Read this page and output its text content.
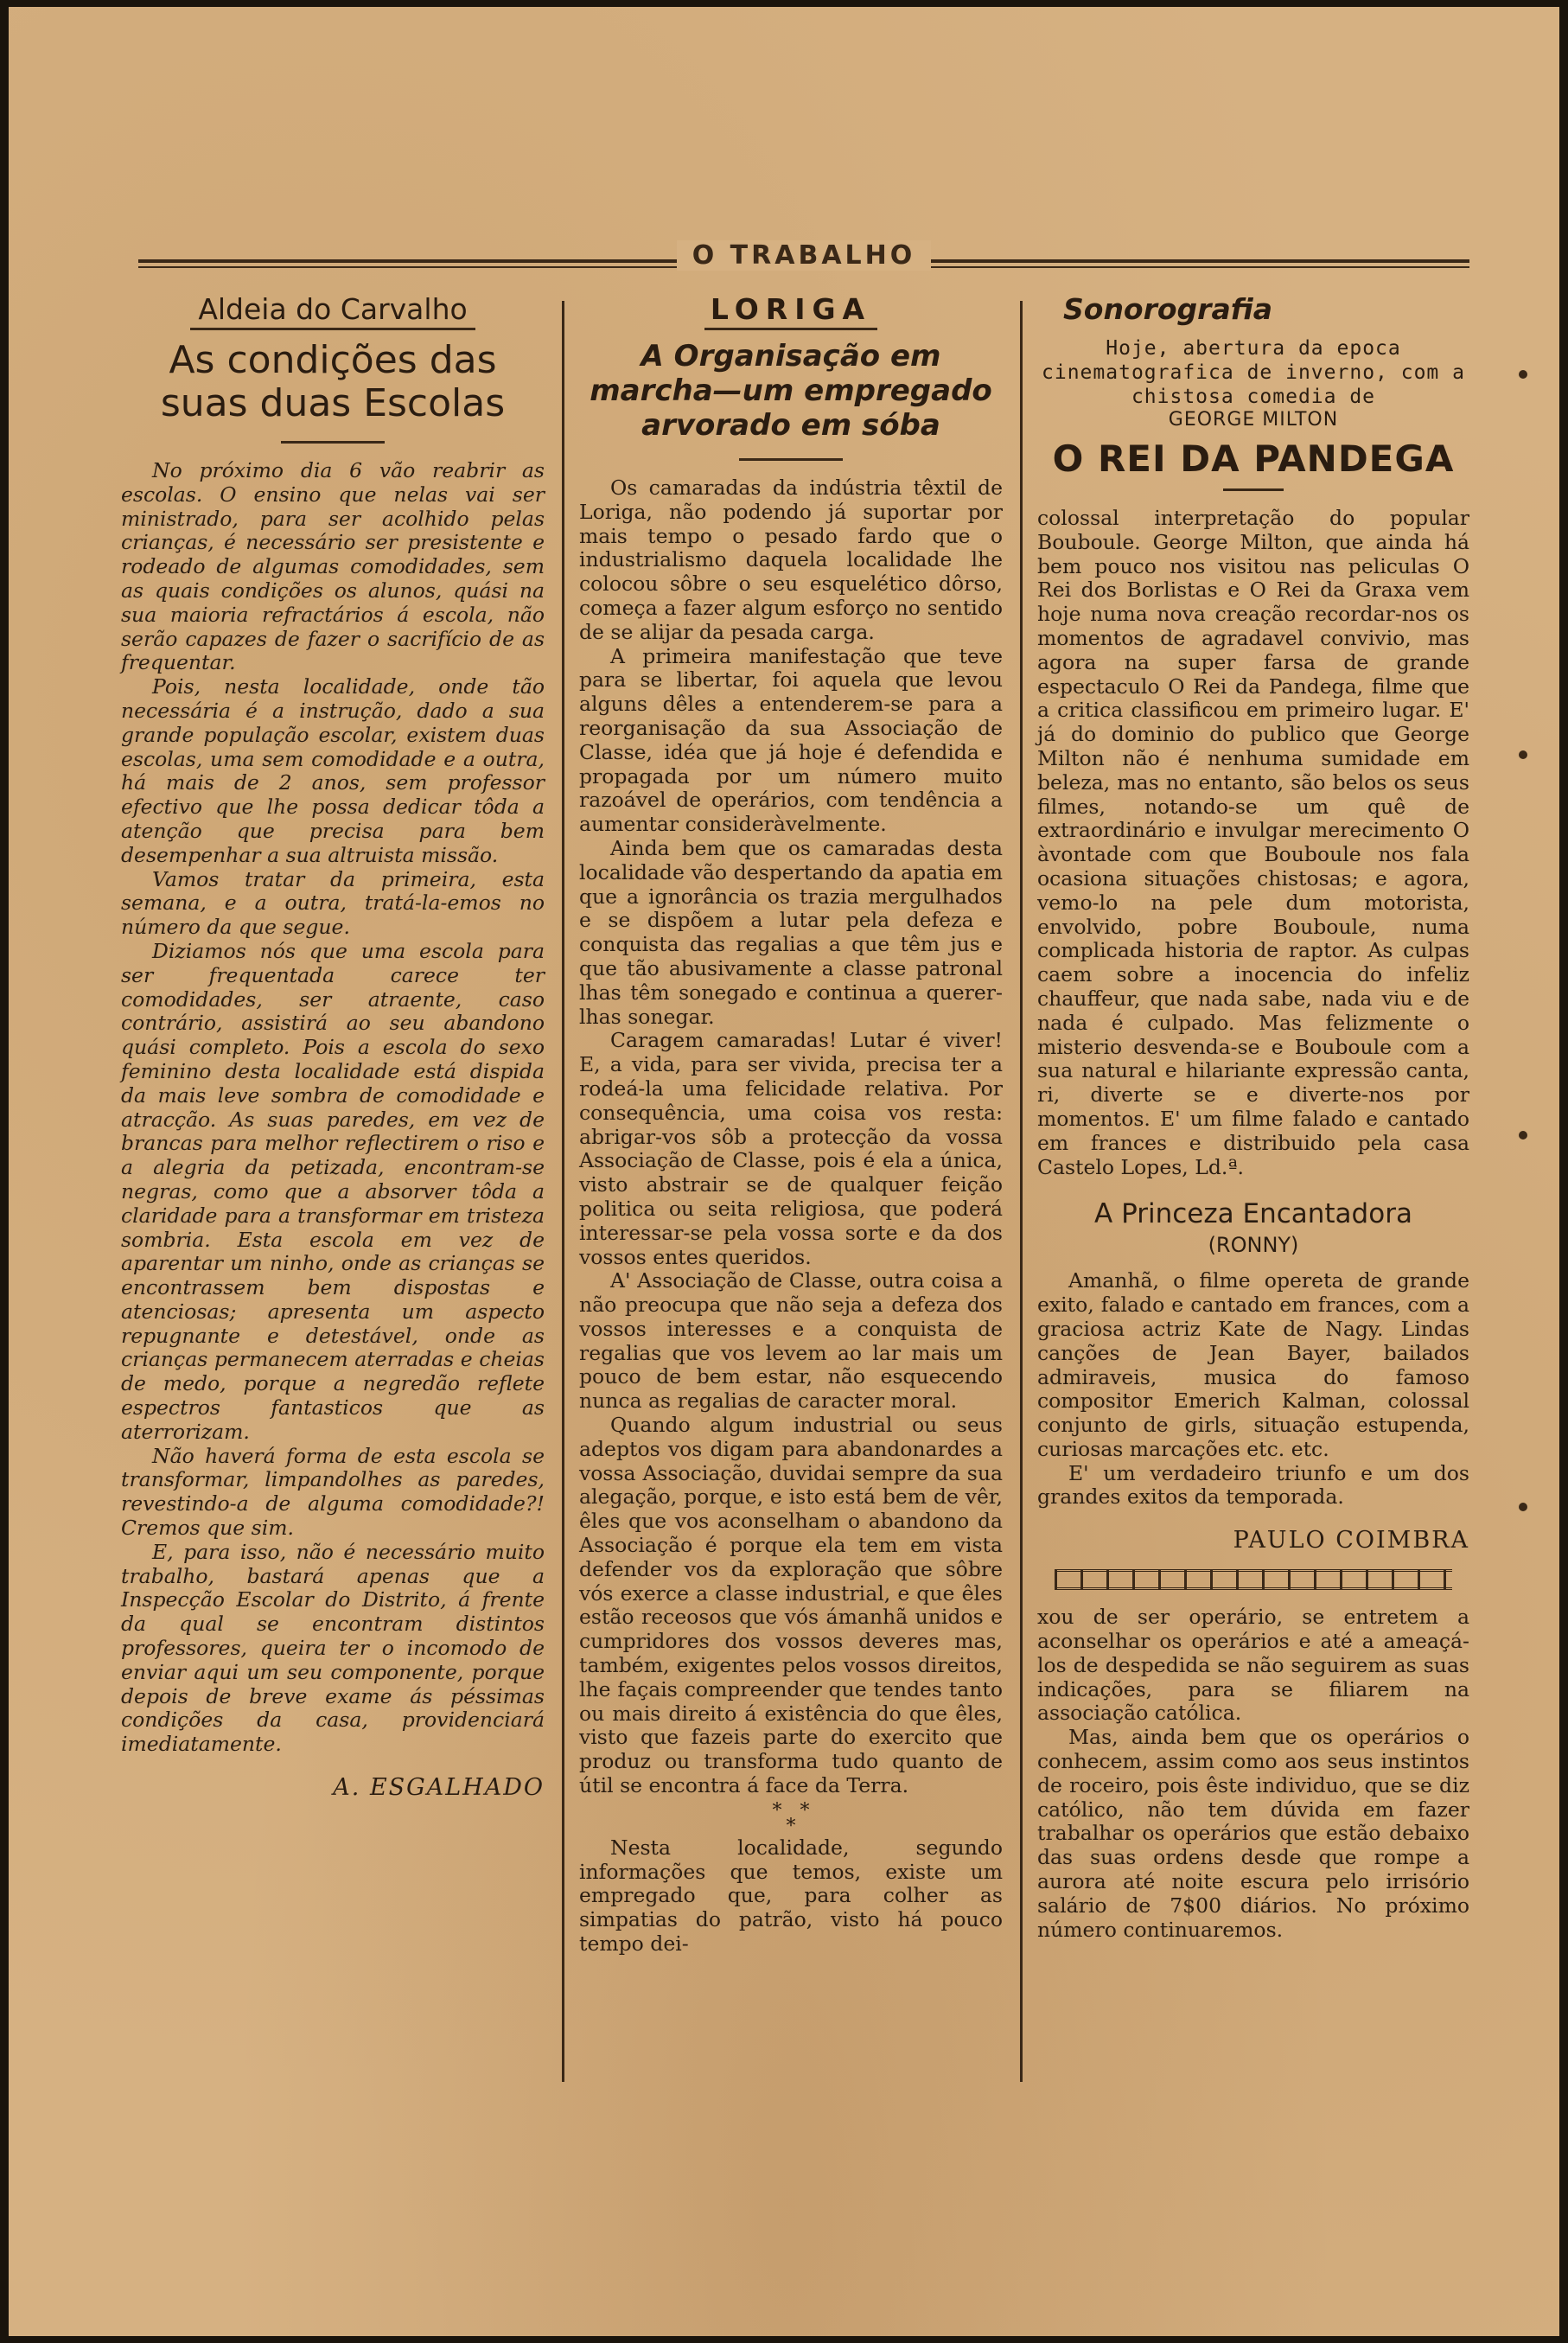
O TRABALHO
Aldeia do Carvalho
As condições das suas duas Escolas

No próximo dia 6 vão reabrir as escolas. O ensino que nelas vai ser ministrado, para ser acolhido pelas crianças, é necessário ser presistente e rodeado de algumas comodidades, sem as quais condições os alunos, quási na sua maioria refractários á escola, não serão capazes de fazer o sacrifício de as frequentar.

Pois, nesta localidade, onde tão necessária é a instrução, dado a sua grande população escolar, existem duas escolas, uma sem comodidade e a outra, há mais de 2 anos, sem professor efectivo que lhe possa dedicar tôda a atenção que precisa para bem desempenhar a sua altruista missão.

Vamos tratar da primeira, esta semana, e a outra, tratá-la-emos no número da que segue.

Diziamos nós que uma escola para ser frequentada carece ter comodidades, ser atraente, caso contrário, assistirá ao seu abandono quási completo. Pois a escola do sexo feminino desta localidade está dispida da mais leve sombra de comodidade e atracção. As suas paredes, em vez de brancas para melhor reflectirem o riso e a alegria da petizada, encontram-se negras, como que a absorver tôda a claridade para a transformar em tristeza sombria. Esta escola em vez de aparentar um ninho, onde as crianças se encontrassem bem dispostas e atenciosas; apresenta um aspecto repugnante e detestável, onde as crianças permanecem aterradas e cheias de medo, porque a negredão reflete espectros fantasticos que as aterrorizam.

Não haverá forma de esta escola se transformar, limpandolhes as paredes, revestindo-a de alguma comodidade?! Cremos que sim.

E, para isso, não é necessário muito trabalho, bastará apenas que a Inspecção Escolar do Distrito, á frente da qual se encontram distintos professores, queira ter o incomodo de enviar aqui um seu componente, porque depois de breve exame ás péssimas condições da casa, providenciará imediatamente.

A. ESGALHADO
LORIGA
A Organisação em marcha—um empregado arvorado em sóba

Os camaradas da indústria têxtil de Loriga, não podendo já suportar por mais tempo o pesado fardo que o industrialismo daquela localidade lhe colocou sôbre o seu esquelético dôrso, começa a fazer algum esforço no sentido de se alijar da pesada carga.

A primeira manifestação que teve para se libertar, foi aquela que levou alguns dêles a entenderem-se para a reorganisação da sua Associação de Classe, idéa que já hoje é defendida e propagada por um número muito razoável de operários, com tendência a aumentar consideràvelmente.

Ainda bem que os camaradas desta localidade vão despertando da apatia em que a ignorância os trazia mergulhados e se dispõem a lutar pela defeza e conquista das regalias a que têm jus e que tão abusivamente a classe patronal lhas têm sonegado e continua a querer-lhas sonegar.

Caragem camaradas! Lutar é viver! E, a vida, para ser vivida, precisa ter a rodeá-la uma felicidade relativa. Por consequência, uma coisa vos resta: abrigar-vos sôb a protecção da vossa Associação de Classe, pois é ela a única, visto abstrair se de qualquer feição politica ou seita religiosa, que poderá interessar-se pela vossa sorte e da dos vossos entes queridos.

A' Associação de Classe, outra coisa a não preocupa que não seja a defeza dos vossos interesses e a conquista de regalias que vos levem ao lar mais um pouco de bem estar, não esquecendo nunca as regalias de caracter moral.

Quando algum industrial ou seus adeptos vos digam para abandonardes a vossa Associação, duvidai sempre da sua alegação, porque, e isto está bem de vêr, êles que vos aconselham o abandono da Associação é porque ela tem em vista defender vos da exploração que sôbre vós exerce a classe industrial, e que êles estão receosos que vós ámanhã unidos e cumpridores dos vossos deveres mas, também, exigentes pelos vossos direitos, lhe façais compreender que tendes tanto ou mais direito á existência do que êles, visto que fazeis parte do exercito que produz ou transforma tudo quanto de útil se encontra á face da Terra.

*   *
*

Nesta localidade, segundo informações que temos, existe um empregado que, para colher as simpatias do patrão, visto há pouco tempo dei-

Sonorografia
Hoje, abertura da epoca cinematografica de inverno, com a chistosa comedia de
GEORGE MILTON
O REI DA PANDEGA

colossal interpretação do popular Bouboule. George Milton, que ainda há bem pouco nos visitou nas peliculas O Rei dos Borlistas e O Rei da Graxa vem hoje numa nova creação recordar-nos os momentos de agradavel convivio, mas agora na super farsa de grande espectaculo O Rei da Pandega, filme que a critica classificou em primeiro lugar. E' já do dominio do publico que George Milton não é nenhuma sumidade em beleza, mas no entanto, são belos os seus filmes, notando-se um quê de extraordinário e invulgar merecimento O àvontade com que Bouboule nos fala ocasiona situações chistosas; e agora, vemo-lo na pele dum motorista, envolvido, pobre Bouboule, numa complicada historia de raptor. As culpas caem sobre a inocencia do infeliz chauffeur, que nada sabe, nada viu e de nada é culpado. Mas felizmente o misterio desvenda-se e Bouboule com a sua natural e hilariante expressão canta, ri, diverte se e diverte-nos por momentos. E' um filme falado e cantado em frances e distribuido pela casa Castelo Lopes, Ld.ª.

A Princeza Encantadora
(RONNY)

Amanhã, o filme opereta de grande exito, falado e cantado em frances, com a graciosa actriz Kate de Nagy. Lindas canções de Jean Bayer, bailados admiraveis, musica do famoso compositor Emerich Kalman, colossal conjunto de girls, situação estupenda, curiosas marcações etc. etc.

E' um verdadeiro triunfo e um dos grandes exitos da temporada.

PAULO COIMBRA

xou de ser operário, se entretem a aconselhar os operários e até a ameaçá-los de despedida se não seguirem as suas indicações, para se filiarem na associação católica.

Mas, ainda bem que os operários o conhecem, assim como aos seus instintos de roceiro, pois êste individuo, que se diz católico, não tem dúvida em fazer trabalhar os operários que estão debaixo das suas ordens desde que rompe a aurora até noite escura pelo irrisório salário de 7$00 diários. No próximo número continuaremos.
